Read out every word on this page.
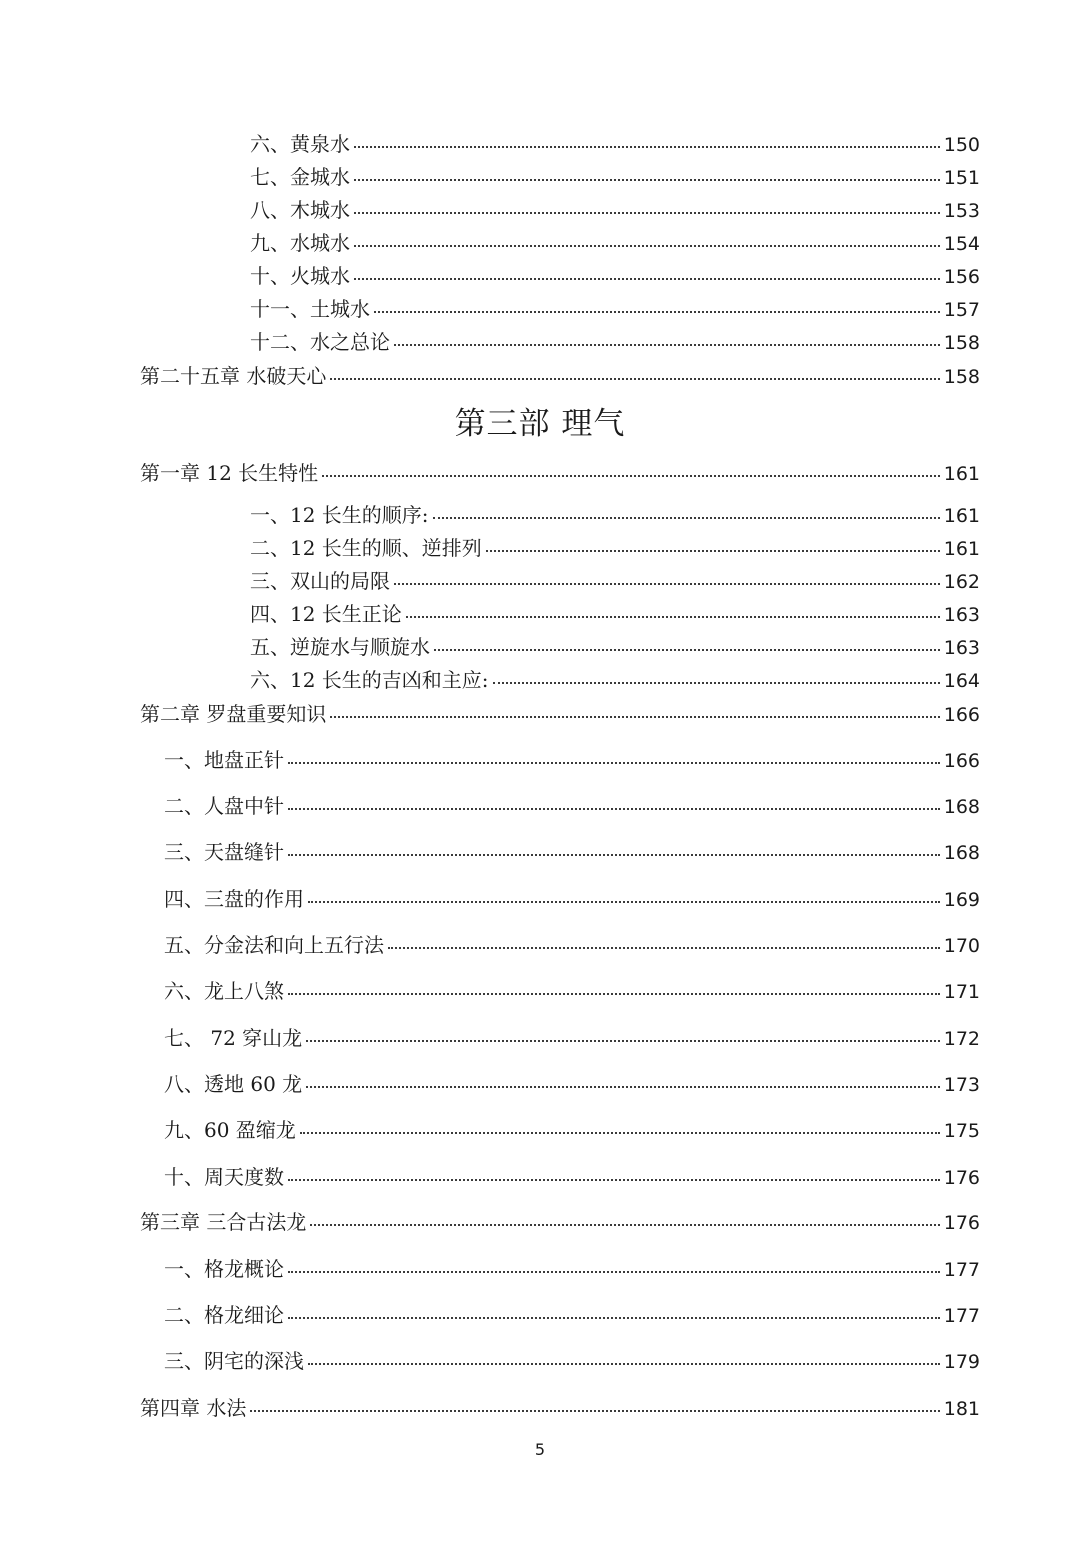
六、黄泉水	150
七、金城水	151
八、木城水	153
九、水城水	154
十、火城水	156
十一、土城水	157
十二、水之总论	158
第二十五章 水破天心	158
第三部 理气
第一章 12 长生特性	161
一、12 长生的顺序:	161
二、12 长生的顺、逆排列	161
三、双山的局限	162
四、12 长生正论	163
五、逆旋水与顺旋水	163
六、12 长生的吉凶和主应:	164
第二章 罗盘重要知识	166
一、地盘正针	166
二、人盘中针	168
三、天盘缝针	168
四、三盘的作用	169
五、分金法和向上五行法	170
六、龙上八煞	171
七、 72 穿山龙	172
八、透地 60 龙	173
九、60 盈缩龙	175
十、周天度数	176
第三章 三合古法龙	176
一、格龙概论	177
二、格龙细论	177
三、阴宅的深浅	179
第四章 水法	181
5
